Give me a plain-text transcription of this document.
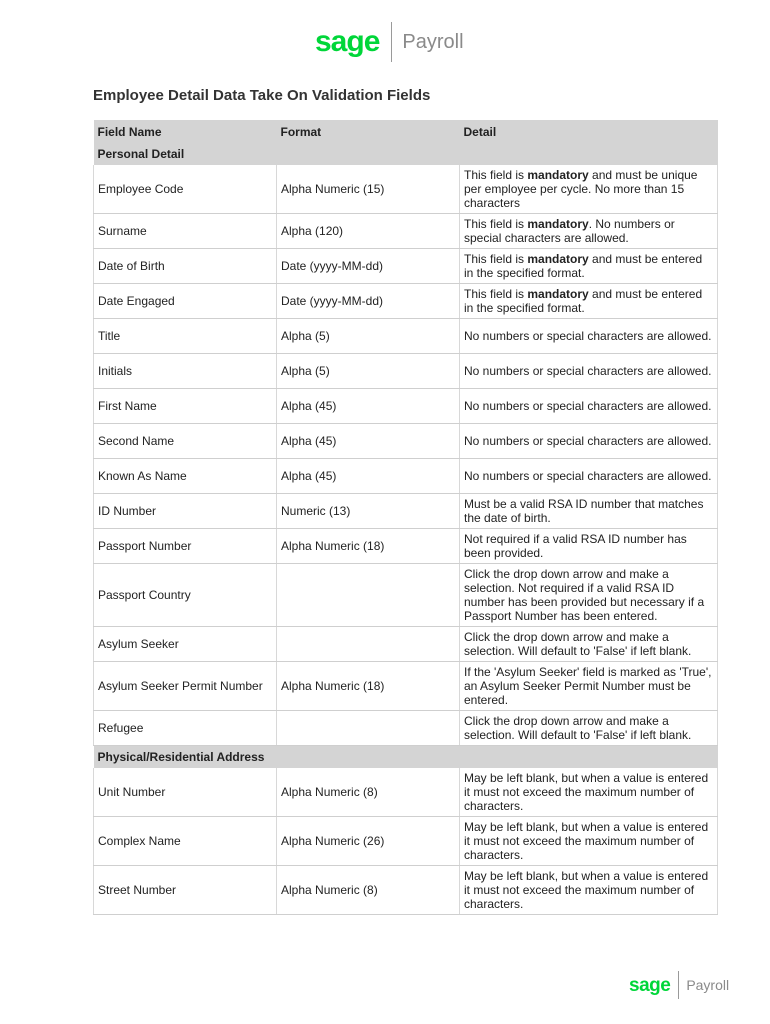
sage Payroll
Employee Detail Data Take On Validation Fields
Field Name	Format	Detail
Personal Detail		
Employee Code	Alpha Numeric (15)	This field is mandatory and must be unique per employee per cycle. No more than 15 characters
Surname	Alpha (120)	This field is mandatory. No numbers or special characters are allowed.
Date of Birth	Date (yyyy-MM-dd)	This field is mandatory and must be entered in the specified format.
Date Engaged	Date (yyyy-MM-dd)	This field is mandatory and must be entered in the specified format.
Title	Alpha (5)	No numbers or special characters are allowed.
Initials	Alpha (5)	No numbers or special characters are allowed.
First Name	Alpha (45)	No numbers or special characters are allowed.
Second Name	Alpha (45)	No numbers or special characters are allowed.
Known As Name	Alpha (45)	No numbers or special characters are allowed.
ID Number	Numeric (13)	Must be a valid RSA ID number that matches the date of birth.
Passport Number	Alpha Numeric (18)	Not required if a valid RSA ID number has been provided.
Passport Country		Click the drop down arrow and make a selection. Not required if a valid RSA ID number has been provided but necessary if a Passport Number has been entered.
Asylum Seeker		Click the drop down arrow and make a selection. Will default to 'False' if left blank.
Asylum Seeker Permit Number	Alpha Numeric (18)	If the 'Asylum Seeker' field is marked as 'True', an Asylum Seeker Permit Number must be entered.
Refugee		Click the drop down arrow and make a selection. Will default to 'False' if left blank.
Physical/Residential Address		
Unit Number	Alpha Numeric (8)	May be left blank, but when a value is entered it must not exceed the maximum number of characters.
Complex Name	Alpha Numeric (26)	May be left blank, but when a value is entered it must not exceed the maximum number of characters.
Street Number	Alpha Numeric (8)	May be left blank, but when a value is entered it must not exceed the maximum number of characters.
sage Payroll
